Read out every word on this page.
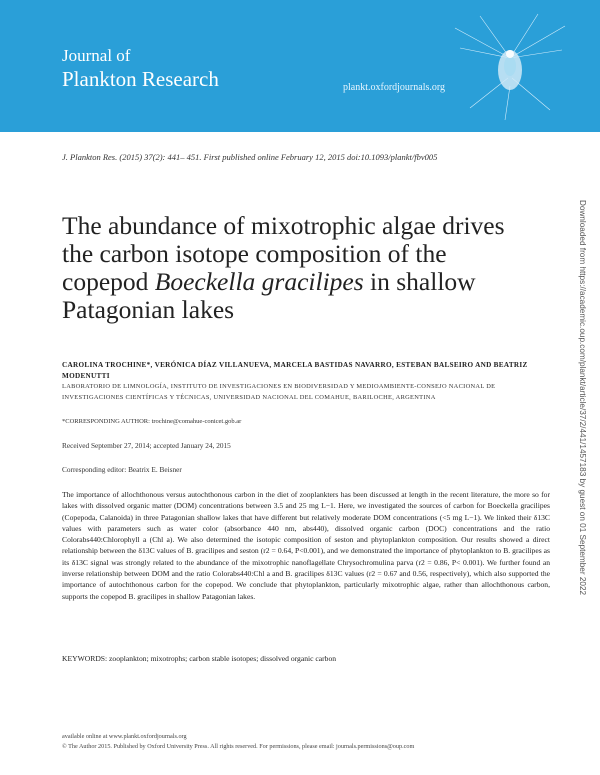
Journal of
Plankton Research	plankt.oxfordjournals.org
J. Plankton Res. (2015) 37(2): 441– 451. First published online February 12, 2015 doi:10.1093/plankt/fbv005
Downloaded from https://academic.oup.com/plankt/article/37/2/441/1457183 by guest on 01 September 2022
The abundance of mixotrophic algae drives the carbon isotope composition of the copepod Boeckella gracilipes in shallow Patagonian lakes
CAROLINA TROCHINE*, VERÓNICA DÍAZ VILLANUEVA, MARCELA BASTIDAS NAVARRO, ESTEBAN BALSEIRO AND BEATRIZ MODENUTTI
LABORATORIO DE LIMNOLOGÍA, INSTITUTO DE INVESTIGACIONES EN BIODIVERSIDAD Y MEDIOAMBIENTE-CONSEJO NACIONAL DE INVESTIGACIONES CIENTÍFICAS Y TÉCNICAS, UNIVERSIDAD NACIONAL DEL COMAHUE, BARILOCHE, ARGENTINA
*CORRESPONDING AUTHOR: trochine@comahue-conicet.gob.ar
Received September 27, 2014; accepted January 24, 2015
Corresponding editor: Beatrix E. Beisner
The importance of allochthonous versus autochthonous carbon in the diet of zooplankters has been discussed at length in the recent literature, the more so for lakes with dissolved organic matter (DOM) concentrations between 3.5 and 25 mg L−1. Here, we investigated the sources of carbon for Boeckella gracilipes (Copepoda, Calanoida) in three Patagonian shallow lakes that have different but relatively moderate DOM concentrations (<5 mg L−1). We linked their δ13C values with parameters such as water color (absorbance 440 nm, abs440), dissolved organic carbon (DOC) concentrations and the ratio Colorabs440:Chlorophyll a (Chl a). We also determined the isotopic composition of seston and phytoplankton composition. Our results showed a direct relationship between the δ13C values of B. gracilipes and seston (r2 = 0.64, P<0.001), and we demonstrated the importance of phytoplankton to B. gracilipes as its δ13C signal was strongly related to the abundance of the mixotrophic nanoflagellate Chrysochromulina parva (r2 = 0.86, P< 0.001). We further found an inverse relationship between DOM and the ratio Colorabs440:Chl a and B. gracilipes δ13C values (r2 = 0.67 and 0.56, respectively), which also supported the importance of autochthonous carbon for the copepod. We conclude that phytoplankton, particularly mixotrophic algae, rather than allochthonous carbon, supports the copepod B. gracilipes in shallow Patagonian lakes.
KEYWORDS: zooplankton; mixotrophs; carbon stable isotopes; dissolved organic carbon
available online at www.plankt.oxfordjournals.org
© The Author 2015. Published by Oxford University Press. All rights reserved. For permissions, please email: journals.permissions@oup.com
